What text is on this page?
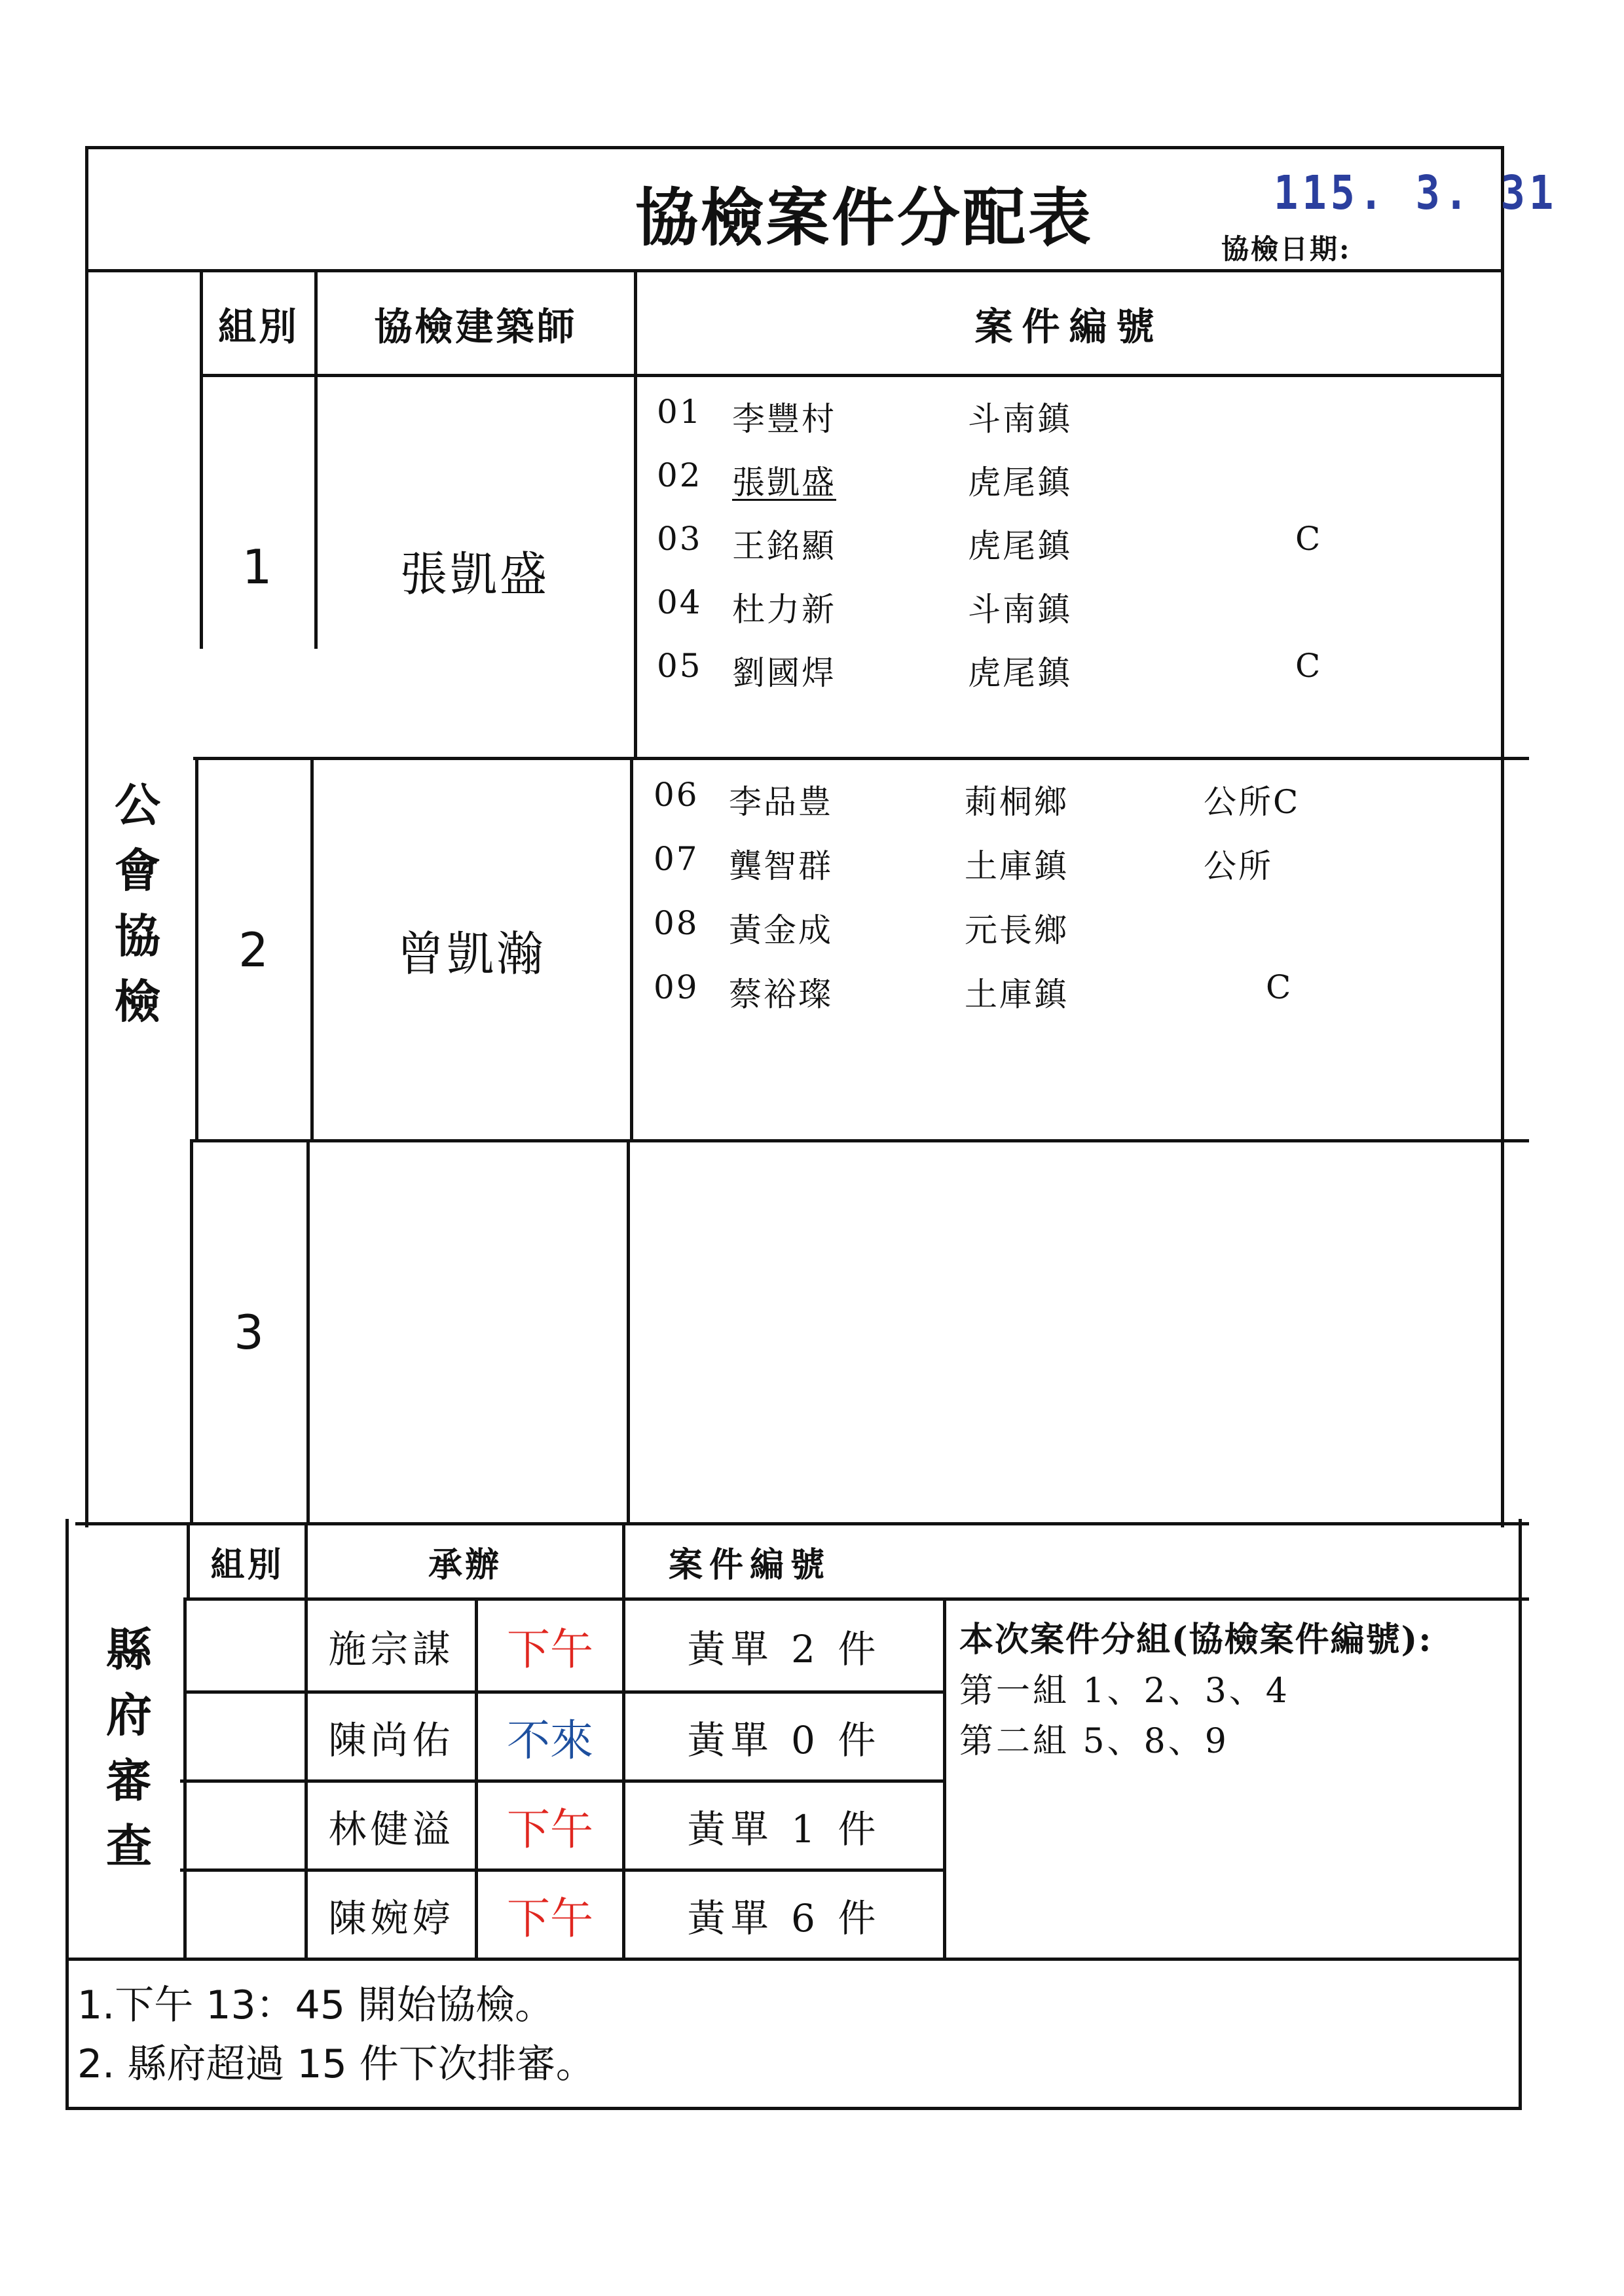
協檢案件分配表	115. 3. 31
協檢日期:
組別	協檢建築師	案件編號
公
會
協
檢
1	張凱盛
01 李豐村	斗南鎮
02 張凱盛	虎尾鎮
03 王銘顯	虎尾鎮	C
04 杜力新	斗南鎮
05 劉國焊	虎尾鎮	C
2	曾凱瀚
06 李品豊	莿桐鄉	公所C
07 龔智群	土庫鎮	公所
08 黃金成	元長鄉
09 蔡裕璨	土庫鎮	C
3
縣
府
審
查
組別	承辦	案件編號
施宗謀	下午	黃單 2 件
陳尚佑	不來	黃單 0 件
林健溢	下午	黃單 1 件
陳婉婷	下午	黃單 6 件
本次案件分組(協檢案件編號):
第一組 1、2、3、4
第二組 5、8、9
1.下午 13：45 開始協檢。
2. 縣府超過 15 件下次排審。
